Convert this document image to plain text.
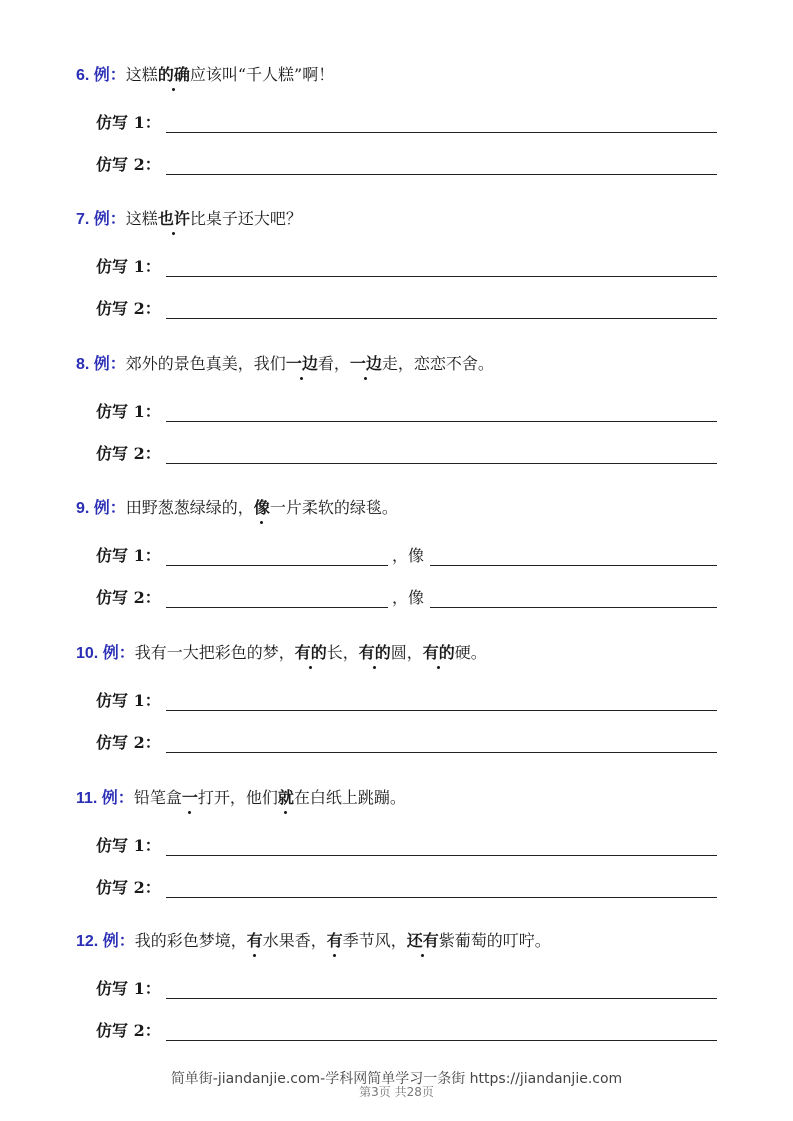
6. 例：这糕的确应该叫“千人糕”啊！
仿写 1：
仿写 2：
7. 例：这糕也许比桌子还大吧？
仿写 1：
仿写 2：
8. 例：郊外的景色真美，我们一边看，一边走，恋恋不舍。
仿写 1：
仿写 2：
9. 例：田野葱葱绿绿的，像一片柔软的绿毯。
仿写 1：	，像
仿写 2：	，像
10. 例：我有一大把彩色的梦，有的长，有的圆，有的硬。
仿写 1：
仿写 2：
11. 例：铅笔盒一打开，他们就在白纸上跳蹦。
仿写 1：
仿写 2：
12. 例：我的彩色梦境，有水果香，有季节风，还有紫葡萄的叮咛。
仿写 1：
仿写 2：
简单街-jiandanjie.com-学科网简单学习一条街 https://jiandanjie.com
第3页 共28页
